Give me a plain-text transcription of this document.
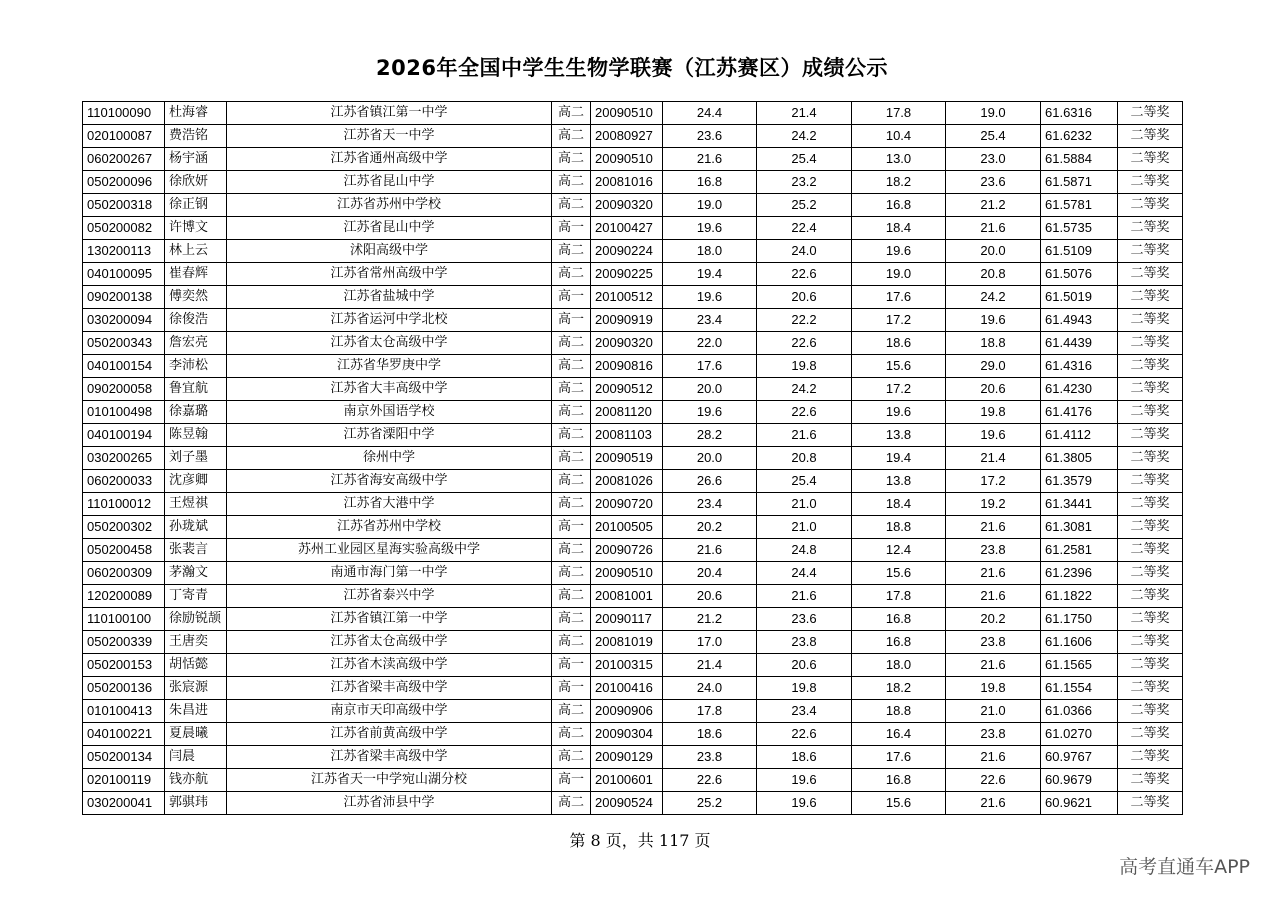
2026年全国中学生生物学联赛（江苏赛区）成绩公示
110100090	杜海睿	江苏省镇江第一中学	高二	20090510	24.4	21.4	17.8	19.0	61.6316	二等奖
020100087	费浩铭	江苏省天一中学	高二	20080927	23.6	24.2	10.4	25.4	61.6232	二等奖
060200267	杨宇涵	江苏省通州高级中学	高二	20090510	21.6	25.4	13.0	23.0	61.5884	二等奖
050200096	徐欣妍	江苏省昆山中学	高二	20081016	16.8	23.2	18.2	23.6	61.5871	二等奖
050200318	徐正钢	江苏省苏州中学校	高二	20090320	19.0	25.2	16.8	21.2	61.5781	二等奖
050200082	许博文	江苏省昆山中学	高一	20100427	19.6	22.4	18.4	21.6	61.5735	二等奖
130200113	林上云	沭阳高级中学	高二	20090224	18.0	24.0	19.6	20.0	61.5109	二等奖
040100095	崔春辉	江苏省常州高级中学	高二	20090225	19.4	22.6	19.0	20.8	61.5076	二等奖
090200138	傅奕然	江苏省盐城中学	高一	20100512	19.6	20.6	17.6	24.2	61.5019	二等奖
030200094	徐俊浩	江苏省运河中学北校	高一	20090919	23.4	22.2	17.2	19.6	61.4943	二等奖
050200343	詹宏亮	江苏省太仓高级中学	高二	20090320	22.0	22.6	18.6	18.8	61.4439	二等奖
040100154	李沛松	江苏省华罗庚中学	高二	20090816	17.6	19.8	15.6	29.0	61.4316	二等奖
090200058	鲁宜航	江苏省大丰高级中学	高二	20090512	20.0	24.2	17.2	20.6	61.4230	二等奖
010100498	徐嘉璐	南京外国语学校	高二	20081120	19.6	22.6	19.6	19.8	61.4176	二等奖
040100194	陈昱翰	江苏省溧阳中学	高二	20081103	28.2	21.6	13.8	19.6	61.4112	二等奖
030200265	刘子墨	徐州中学	高二	20090519	20.0	20.8	19.4	21.4	61.3805	二等奖
060200033	沈彦卿	江苏省海安高级中学	高二	20081026	26.6	25.4	13.8	17.2	61.3579	二等奖
110100012	王煜祺	江苏省大港中学	高二	20090720	23.4	21.0	18.4	19.2	61.3441	二等奖
050200302	孙珑斌	江苏省苏州中学校	高一	20100505	20.2	21.0	18.8	21.6	61.3081	二等奖
050200458	张裴言	苏州工业园区星海实验高级中学	高二	20090726	21.6	24.8	12.4	23.8	61.2581	二等奖
060200309	茅瀚文	南通市海门第一中学	高二	20090510	20.4	24.4	15.6	21.6	61.2396	二等奖
120200089	丁寄青	江苏省泰兴中学	高二	20081001	20.6	21.6	17.8	21.6	61.1822	二等奖
110100100	徐励锐颉	江苏省镇江第一中学	高二	20090117	21.2	23.6	16.8	20.2	61.1750	二等奖
050200339	王唐奕	江苏省太仓高级中学	高二	20081019	17.0	23.8	16.8	23.8	61.1606	二等奖
050200153	胡恬懿	江苏省木渎高级中学	高一	20100315	21.4	20.6	18.0	21.6	61.1565	二等奖
050200136	张宸源	江苏省梁丰高级中学	高一	20100416	24.0	19.8	18.2	19.8	61.1554	二等奖
010100413	朱昌进	南京市天印高级中学	高二	20090906	17.8	23.4	18.8	21.0	61.0366	二等奖
040100221	夏晨曦	江苏省前黄高级中学	高二	20090304	18.6	22.6	16.4	23.8	61.0270	二等奖
050200134	闫晨	江苏省梁丰高级中学	高二	20090129	23.8	18.6	17.6	21.6	60.9767	二等奖
020100119	钱亦航	江苏省天一中学宛山湖分校	高一	20100601	22.6	19.6	16.8	22.6	60.9679	二等奖
030200041	郭骐玮	江苏省沛县中学	高二	20090524	25.2	19.6	15.6	21.6	60.9621	二等奖
第 8 页，共 117 页
高考直通车APP
